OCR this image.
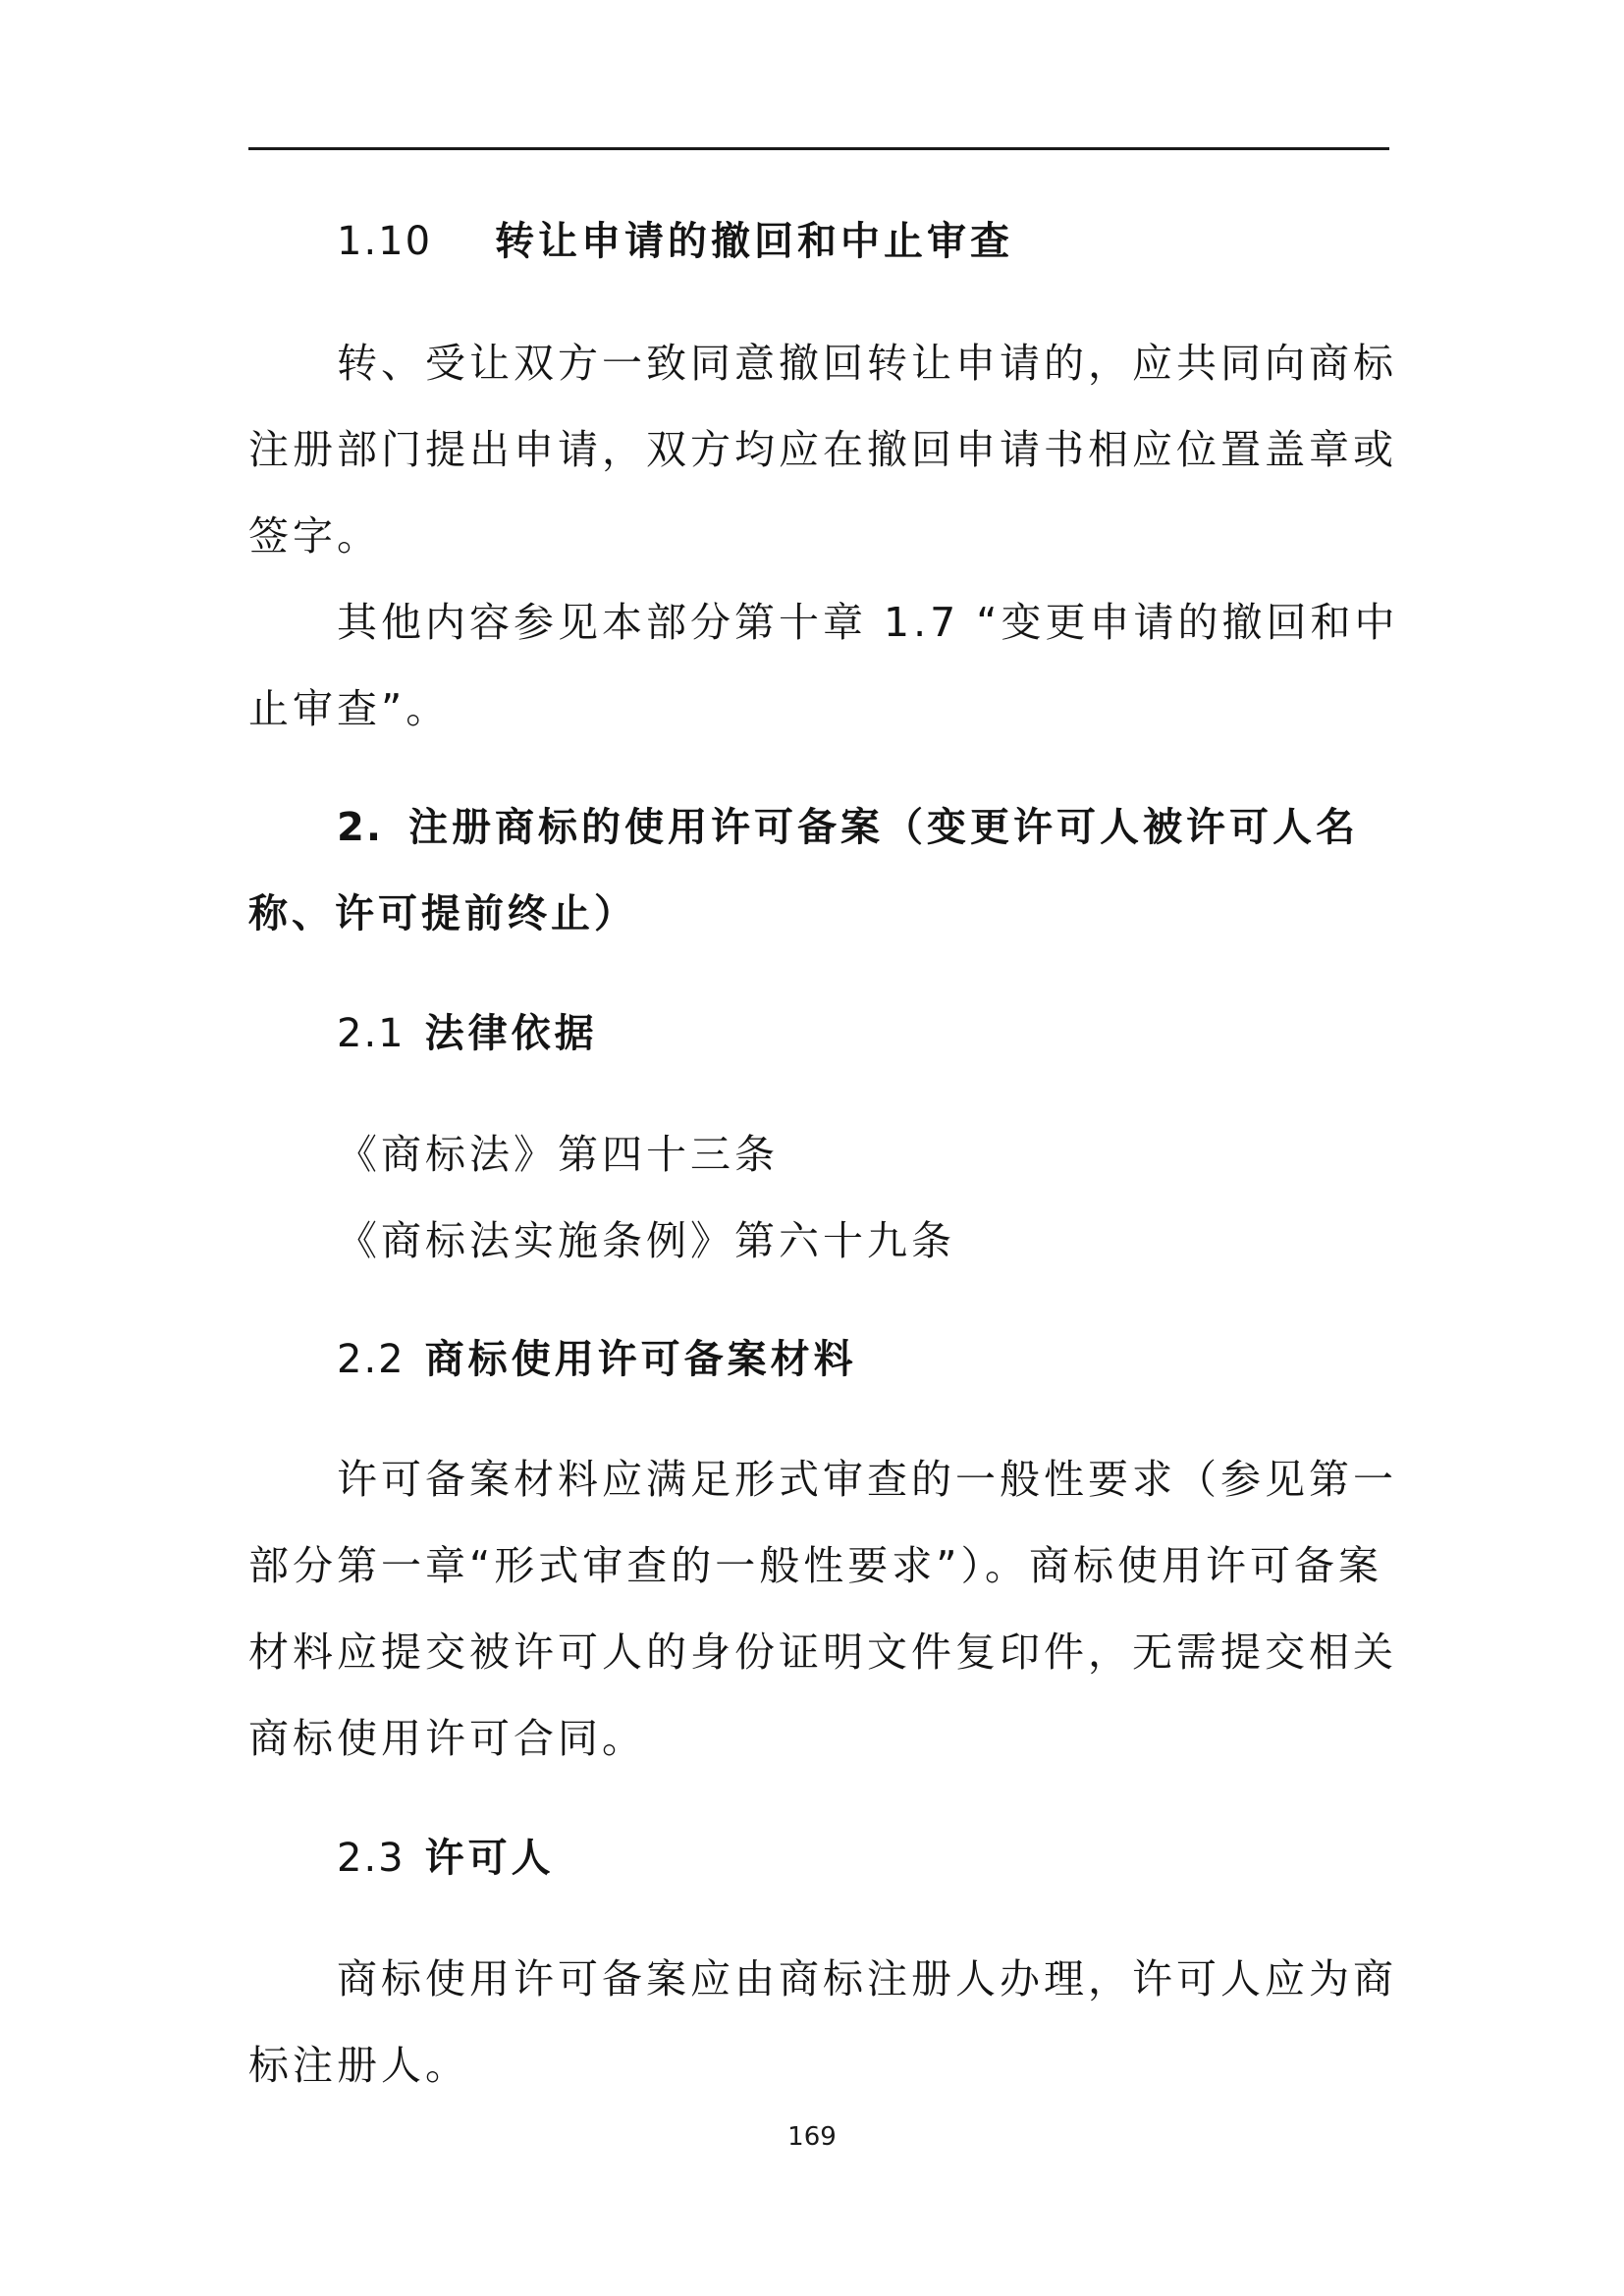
1.10 转让申请的撤回和中止审查
转、受让双方一致同意撤回转让申请的，应共同向商标
注册部门提出申请，双方均应在撤回申请书相应位置盖章或
签字。
其他内容参见本部分第十章 1.7 “变更申请的撤回和中
止审查”。
2. 注册商标的使用许可备案（变更许可人被许可人名
称、许可提前终止）
2.1 法律依据
《商标法》第四十三条
《商标法实施条例》第六十九条
2.2 商标使用许可备案材料
许可备案材料应满足形式审查的一般性要求（参见第一
部分第一章“形式审查的一般性要求”）。商标使用许可备案
材料应提交被许可人的身份证明文件复印件，无需提交相关
商标使用许可合同。
2.3 许可人
商标使用许可备案应由商标注册人办理，许可人应为商
标注册人。
169
